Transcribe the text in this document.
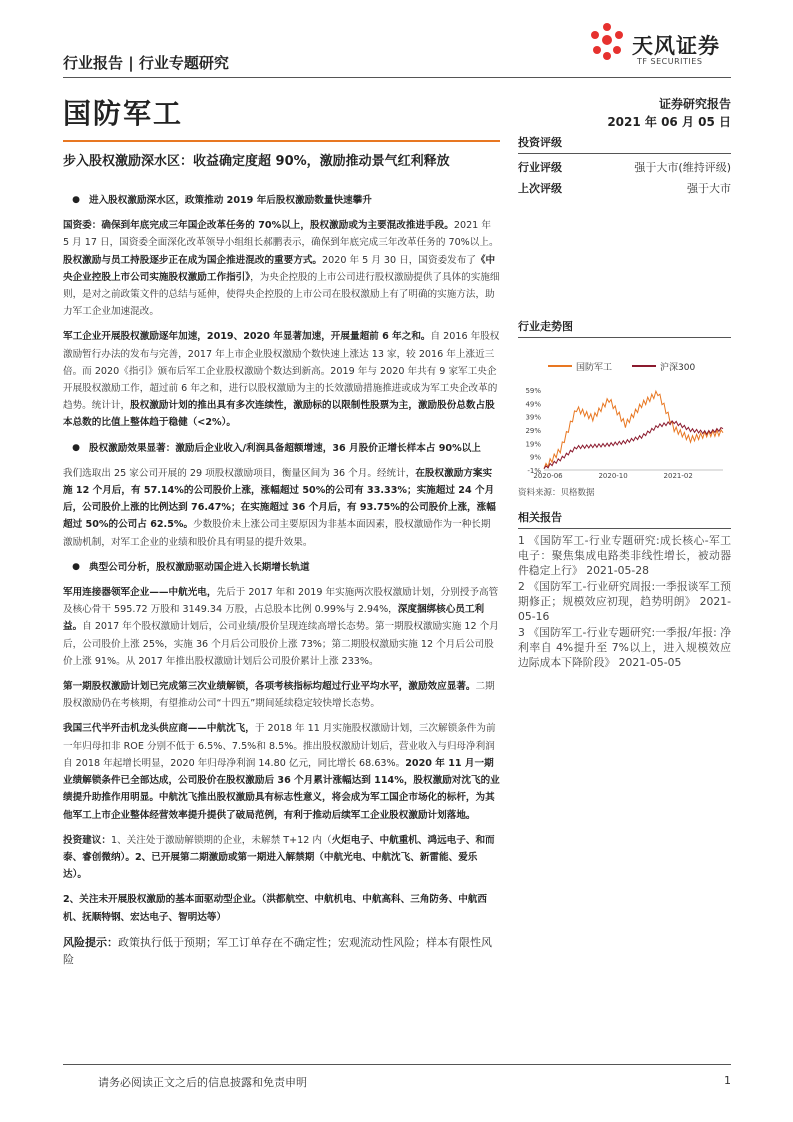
行业报告 | 行业专题研究
天风证券
TF SECURITIES
国防军工	证券研究报告
2021 年 06 月 05 日
步入股权激励深水区：收益确定度超 90%，激励推动景气红利释放
投资评级
行业评级	强于大市(维持评级)
上次评级	强于大市
● 进入股权激励深水区，政策推动 2019 年后股权激励数量快速攀升

国资委：确保到年底完成三年国企改革任务的 70%以上，股权激励或为主要混改推进手段。2021 年 5 月 17 日，国资委全面深化改革领导小组组长郝鹏表示，确保到年底完成三年改革任务的 70%以上。股权激励与员工持股逐步正在成为国企推进混改的重要方式。2020 年 5 月 30 日，国资委发布了《中央企业控股上市公司实施股权激励工作指引》，为央企控股的上市公司进行股权激励提供了具体的实施细则，是对之前政策文件的总结与延伸，使得央企控股的上市公司在股权激励上有了明确的实施方法，助力军工企业加速混改。

军工企业开展股权激励逐年加速，2019、2020 年显著加速，开展量超前 6 年之和。自 2016 年股权激励暂行办法的发布与完善，2017 年上市企业股权激励个数快速上涨达 13 家，较 2016 年上涨近三倍。而 2020《指引》颁布后军工企业股权激励个数达到新高。2019 年与 2020 年共有 9 家军工央企开展股权激励工作，超过前 6 年之和，进行以股权激励为主的长效激励措施推进或成为军工央企改革的趋势。统计计，股权激励计划的推出具有多次连续性，激励标的以限制性股票为主，激励股份总数占股本总数的比值上整体趋于稳健（<2%）。

● 股权激励效果显著：激励后企业收入/利润具备超额增速，36 月股价正增长样本占 90%以上

我们选取出 25 家公司开展的 29 项股权激励项目，衡量区间为 36 个月。经统计，在股权激励方案实施 12 个月后，有 57.14%的公司股价上涨，涨幅超过 50%的公司有 33.33%；实施超过 24 个月后，公司股价上涨的比例达到 76.47%；在实施超过 36 个月后，有 93.75%的公司股价上涨，涨幅超过 50%的公司占 62.5%。少数股价未上涨公司主要原因为非基本面因素，股权激励作为一种长期激励机制，对军工企业的业绩和股价具有明显的提升效果。

● 典型公司分析，股权激励驱动国企进入长期增长轨道

军用连接器领军企业——中航光电，先后于 2017 年和 2019 年实施两次股权激励计划，分别授予高管及核心骨干 595.72 万股和 3149.34 万股，占总股本比例 0.99%与 2.94%，深度捆绑核心员工利益。自 2017 年个股权激励计划后，公司业绩/股价呈现连续高增长态势。第一期股权激励实施 12 个月后，公司股价上涨 25%，实施 36 个月后公司股价上涨 73%；第二期股权激励实施 12 个月后公司股价上涨 91%。从 2017 年推出股权激励计划后公司股价累计上涨 233%。

第一期股权激励计划已完成第三次业绩解锁，各项考核指标均超过行业平均水平，激励效应显著。二期股权激励仍在考核期，有望推动公司“十四五”期间延续稳定较快增长态势。

我国三代半歼击机龙头供应商——中航沈飞，于 2018 年 11 月实施股权激励计划，三次解锁条件为前一年归母扣非 ROE 分别不低于 6.5%、7.5%和 8.5%。推出股权激励计划后，营业收入与归母净利润自 2018 年起增长明显，2020 年归母净利润 14.80 亿元，同比增长 68.63%。2020 年 11 月一期业绩解锁条件已全部达成，公司股价在股权激励后 36 个月累计涨幅达到 114%，股权激励对沈飞的业绩提升助推作用明显。中航沈飞推出股权激励具有标志性意义，将会成为军工国企市场化的标杆，为其他军工上市企业整体经营效率提升提供了破局范例，有利于推动后续军工企业股权激励计划落地。

投资建议：1、关注处于激励解锁期的企业，未解禁 T+12 内（火炬电子、中航重机、鸿远电子、和而泰、睿创微纳）。2、已开展第二期激励或第一期进入解禁期（中航光电、中航沈飞、新雷能、爱乐达）。

2、关注未开展股权激励的基本面驱动型企业。（洪都航空、中航机电、中航高科、三角防务、中航西机、抚顺特钢、宏达电子、智明达等）

风险提示：政策执行低于预期；军工订单存在不确定性；宏观流动性风险；样本有限性风险

行业走势图
国防军工	沪深300
59%
49%
39%
29%
19%
9%
-1%
2020-06	2020-10	2021-02
资料来源：贝格数据
相关报告
1 《国防军工-行业专题研究:成长核心-军工电子：聚焦集成电路类非线性增长，被动器件稳定上行》 2021-05-28
2 《国防军工-行业研究周报:一季报谈军工预期修正；规模效应初现，趋势明朗》 2021-05-16
3 《国防军工-行业专题研究:一季报/年报: 净利率自 4%提升至 7%以上，进入规模效应边际成本下降阶段》 2021-05-05
请务必阅读正文之后的信息披露和免责申明	1
